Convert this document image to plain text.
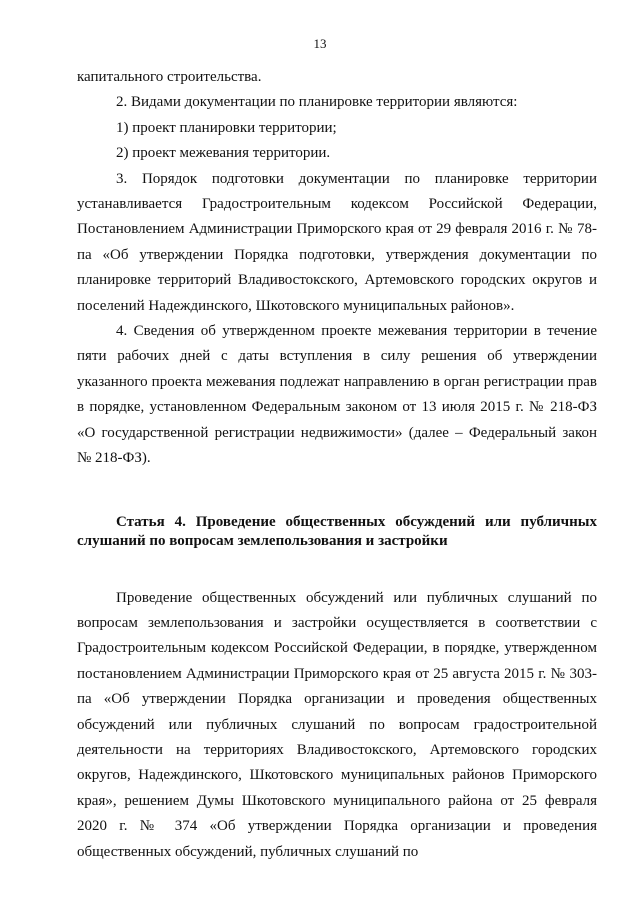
13

капитального строительства.

2. Видами документации по планировке территории являются:

1) проект планировки территории;

2) проект межевания территории.

3. Порядок подготовки документации по планировке территории устанавливается Градостроительным кодексом Российской Федерации, Постановлением Администрации Приморского края от 29 февраля 2016 г. № 78-па «Об утверждении Порядка подготовки, утверждения документации по планировке территорий Владивостокского, Артемовского городских округов и поселений Надеждинского, Шкотовского муниципальных районов».

4. Сведения об утвержденном проекте межевания территории в течение пяти рабочих дней с даты вступления в силу решения об утверждении указанного проекта межевания подлежат направлению в орган регистрации прав в порядке, установленном Федеральным законом от 13 июля 2015 г. № 218-ФЗ «О государственной регистрации недвижимости» (далее – Федеральный закон № 218-ФЗ).

Статья 4. Проведение общественных обсуждений или публичных слушаний по вопросам землепользования и застройки

Проведение общественных обсуждений или публичных слушаний по вопросам землепользования и застройки осуществляется в соответствии с Градостроительным кодексом Российской Федерации, в порядке, утвержденном постановлением Администрации Приморского края от 25 августа 2015 г. № 303-па «Об утверждении Порядка организации и проведения общественных обсуждений или публичных слушаний по вопросам градостроительной деятельности на территориях Владивостокского, Артемовского городских округов, Надеждинского, Шкотовского муниципальных районов Приморского края», решением Думы Шкотовского муниципального района от 25 февраля 2020 г. № 374 «Об утверждении Порядка организации и проведения общественных обсуждений, публичных слушаний по
